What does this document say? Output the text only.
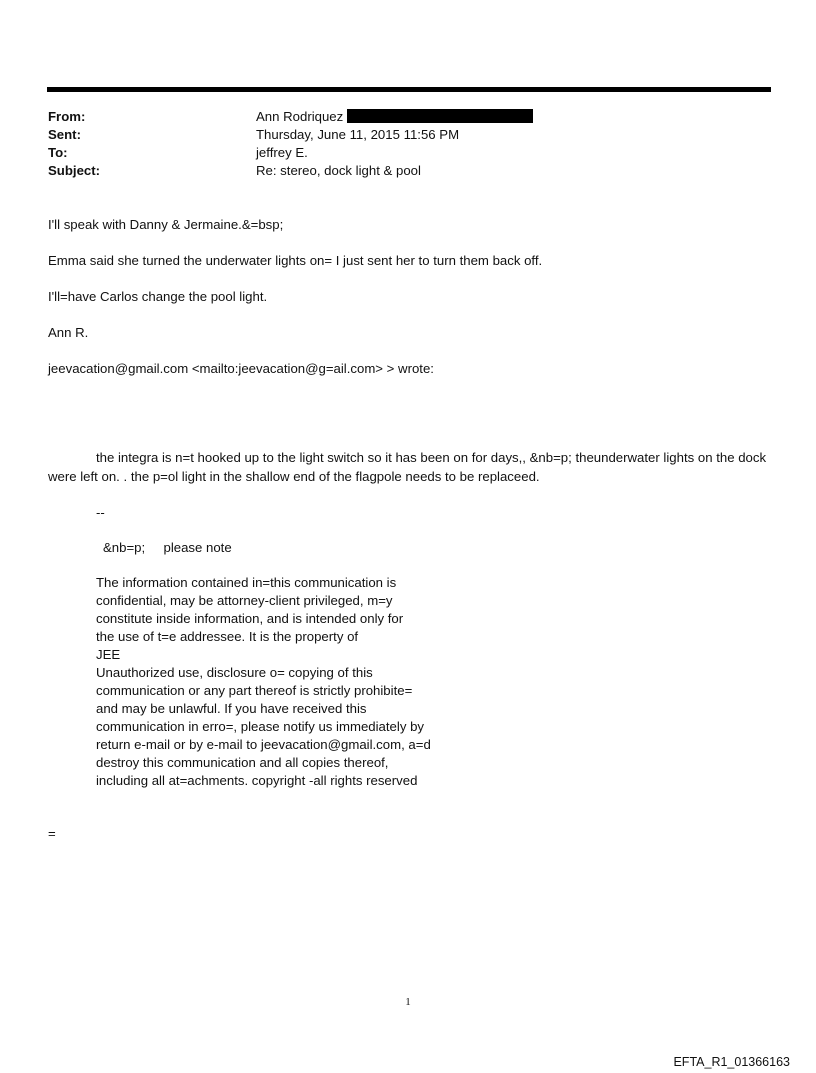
From:	Ann Rodriquez
Sent:	Thursday, June 11, 2015 11:56 PM
To:	jeffrey E.
Subject:	Re: stereo, dock light & pool
I'll speak with Danny & Jermaine.&=bsp;
Emma said she turned the underwater lights on= I just sent her to turn them back off.
I'll=have Carlos change the pool light.
Ann R.
jeevacation@gmail.com <mailto:jeevacation@g=ail.com> > wrote:
the integra is n=t hooked up to the light switch so it has been on for days,, &nb=p; theunderwater lights on the dock were left on. . the p=ol light in the shallow end of the flagpole needs to be replaceed.
--
&nb=p;     please note
The information contained in=this communication is
confidential, may be attorney-client privileged, m=y
constitute inside information, and is intended only for
the use of t=e addressee. It is the property of
JEE
Unauthorized use, disclosure o= copying of this
communication or any part thereof is strictly prohibite=
and may be unlawful. If you have received this
communication in erro=, please notify us immediately by
return e-mail or by e-mail to jeevacation@gmail.com, a=d
destroy this communication and all copies thereof,
including all at=achments. copyright -all rights reserved
=
1
EFTA_R1_01366163
